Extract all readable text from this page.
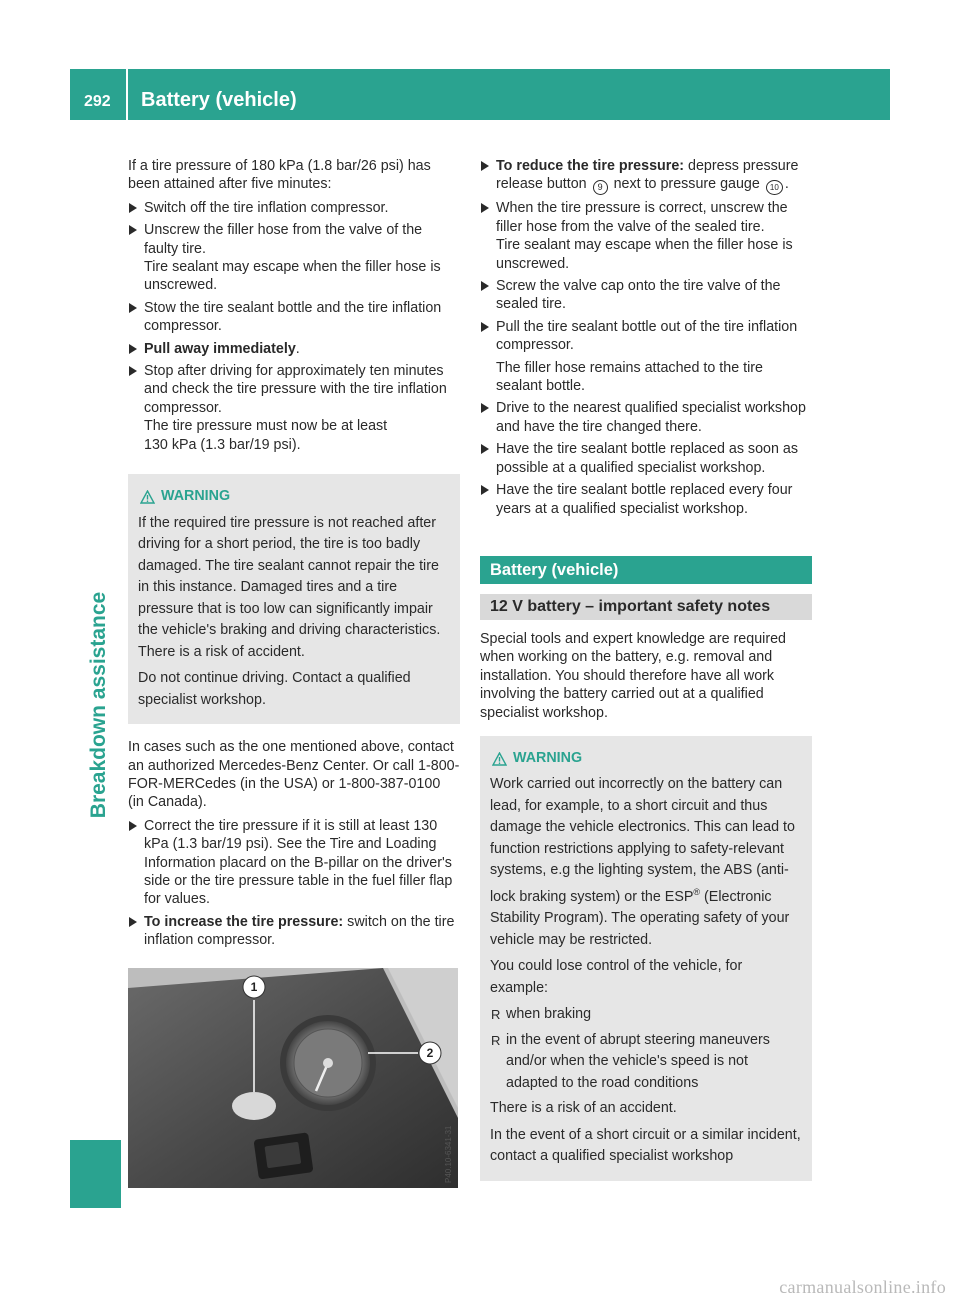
292 Battery (vehicle)
Breakdown assistance

If a tire pressure of 180 kPa (1.8 bar/26 psi) has been attained after five minutes:

Switch off the tire inflation compressor.
Unscrew the filler hose from the valve of the faulty tire.
Tire sealant may escape when the filler hose is unscrewed.
Stow the tire sealant bottle and the tire inflation compressor.
Pull away immediately.
Stop after driving for approximately ten minutes and check the tire pressure with the tire inflation compressor.
The tire pressure must now be at least
130 kPa (1.3 bar/19 psi).
WARNING

If the required tire pressure is not reached after driving for a short period, the tire is too badly damaged. The tire sealant cannot repair the tire in this instance. Damaged tires and a tire pressure that is too low can significantly impair the vehicle's braking and driving characteristics. There is a risk of accident.

Do not continue driving. Contact a qualified specialist workshop.

In cases such as the one mentioned above, contact an authorized Mercedes-Benz Center. Or call 1-800-FOR-MERCedes (in the USA) or 1-800-387-0100 (in Canada).

Correct the tire pressure if it is still at least 130 kPa (1.3 bar/19 psi). See the Tire and Loading Information placard on the B-pillar on the driver's side or the tire pressure table in the fuel filler flap for values.
To increase the tire pressure: switch on the tire inflation compressor.
1
2
P40.10-6341-31
To reduce the tire pressure: depress pressure release button 9 next to pressure gauge 10 .
When the tire pressure is correct, unscrew the filler hose from the valve of the sealed tire.
Tire sealant may escape when the filler hose is unscrewed.
Screw the valve cap onto the tire valve of the sealed tire.
Pull the tire sealant bottle out of the tire inflation compressor.
The filler hose remains attached to the tire sealant bottle.
Drive to the nearest qualified specialist workshop and have the tire changed there.
Have the tire sealant bottle replaced as soon as possible at a qualified specialist workshop.
Have the tire sealant bottle replaced every four years at a qualified specialist workshop.
Battery (vehicle)
12 V battery – important safety notes

Special tools and expert knowledge are required when working on the battery, e.g. removal and installation. You should therefore have all work involving the battery carried out at a qualified specialist workshop.

WARNING

Work carried out incorrectly on the battery can lead, for example, to a short circuit and thus damage the vehicle electronics. This can lead to function restrictions applying to safety-relevant systems, e.g the lighting system, the ABS (anti-lock braking system) or the ESP® (Electronic Stability Program). The operating safety of your vehicle may be restricted.

You could lose control of the vehicle, for example:

R when braking
R in the event of abrupt steering maneuvers and/or when the vehicle's speed is not adapted to the road conditions

There is a risk of an accident.

In the event of a short circuit or a similar incident, contact a qualified specialist workshop

carmanualsonline.info
